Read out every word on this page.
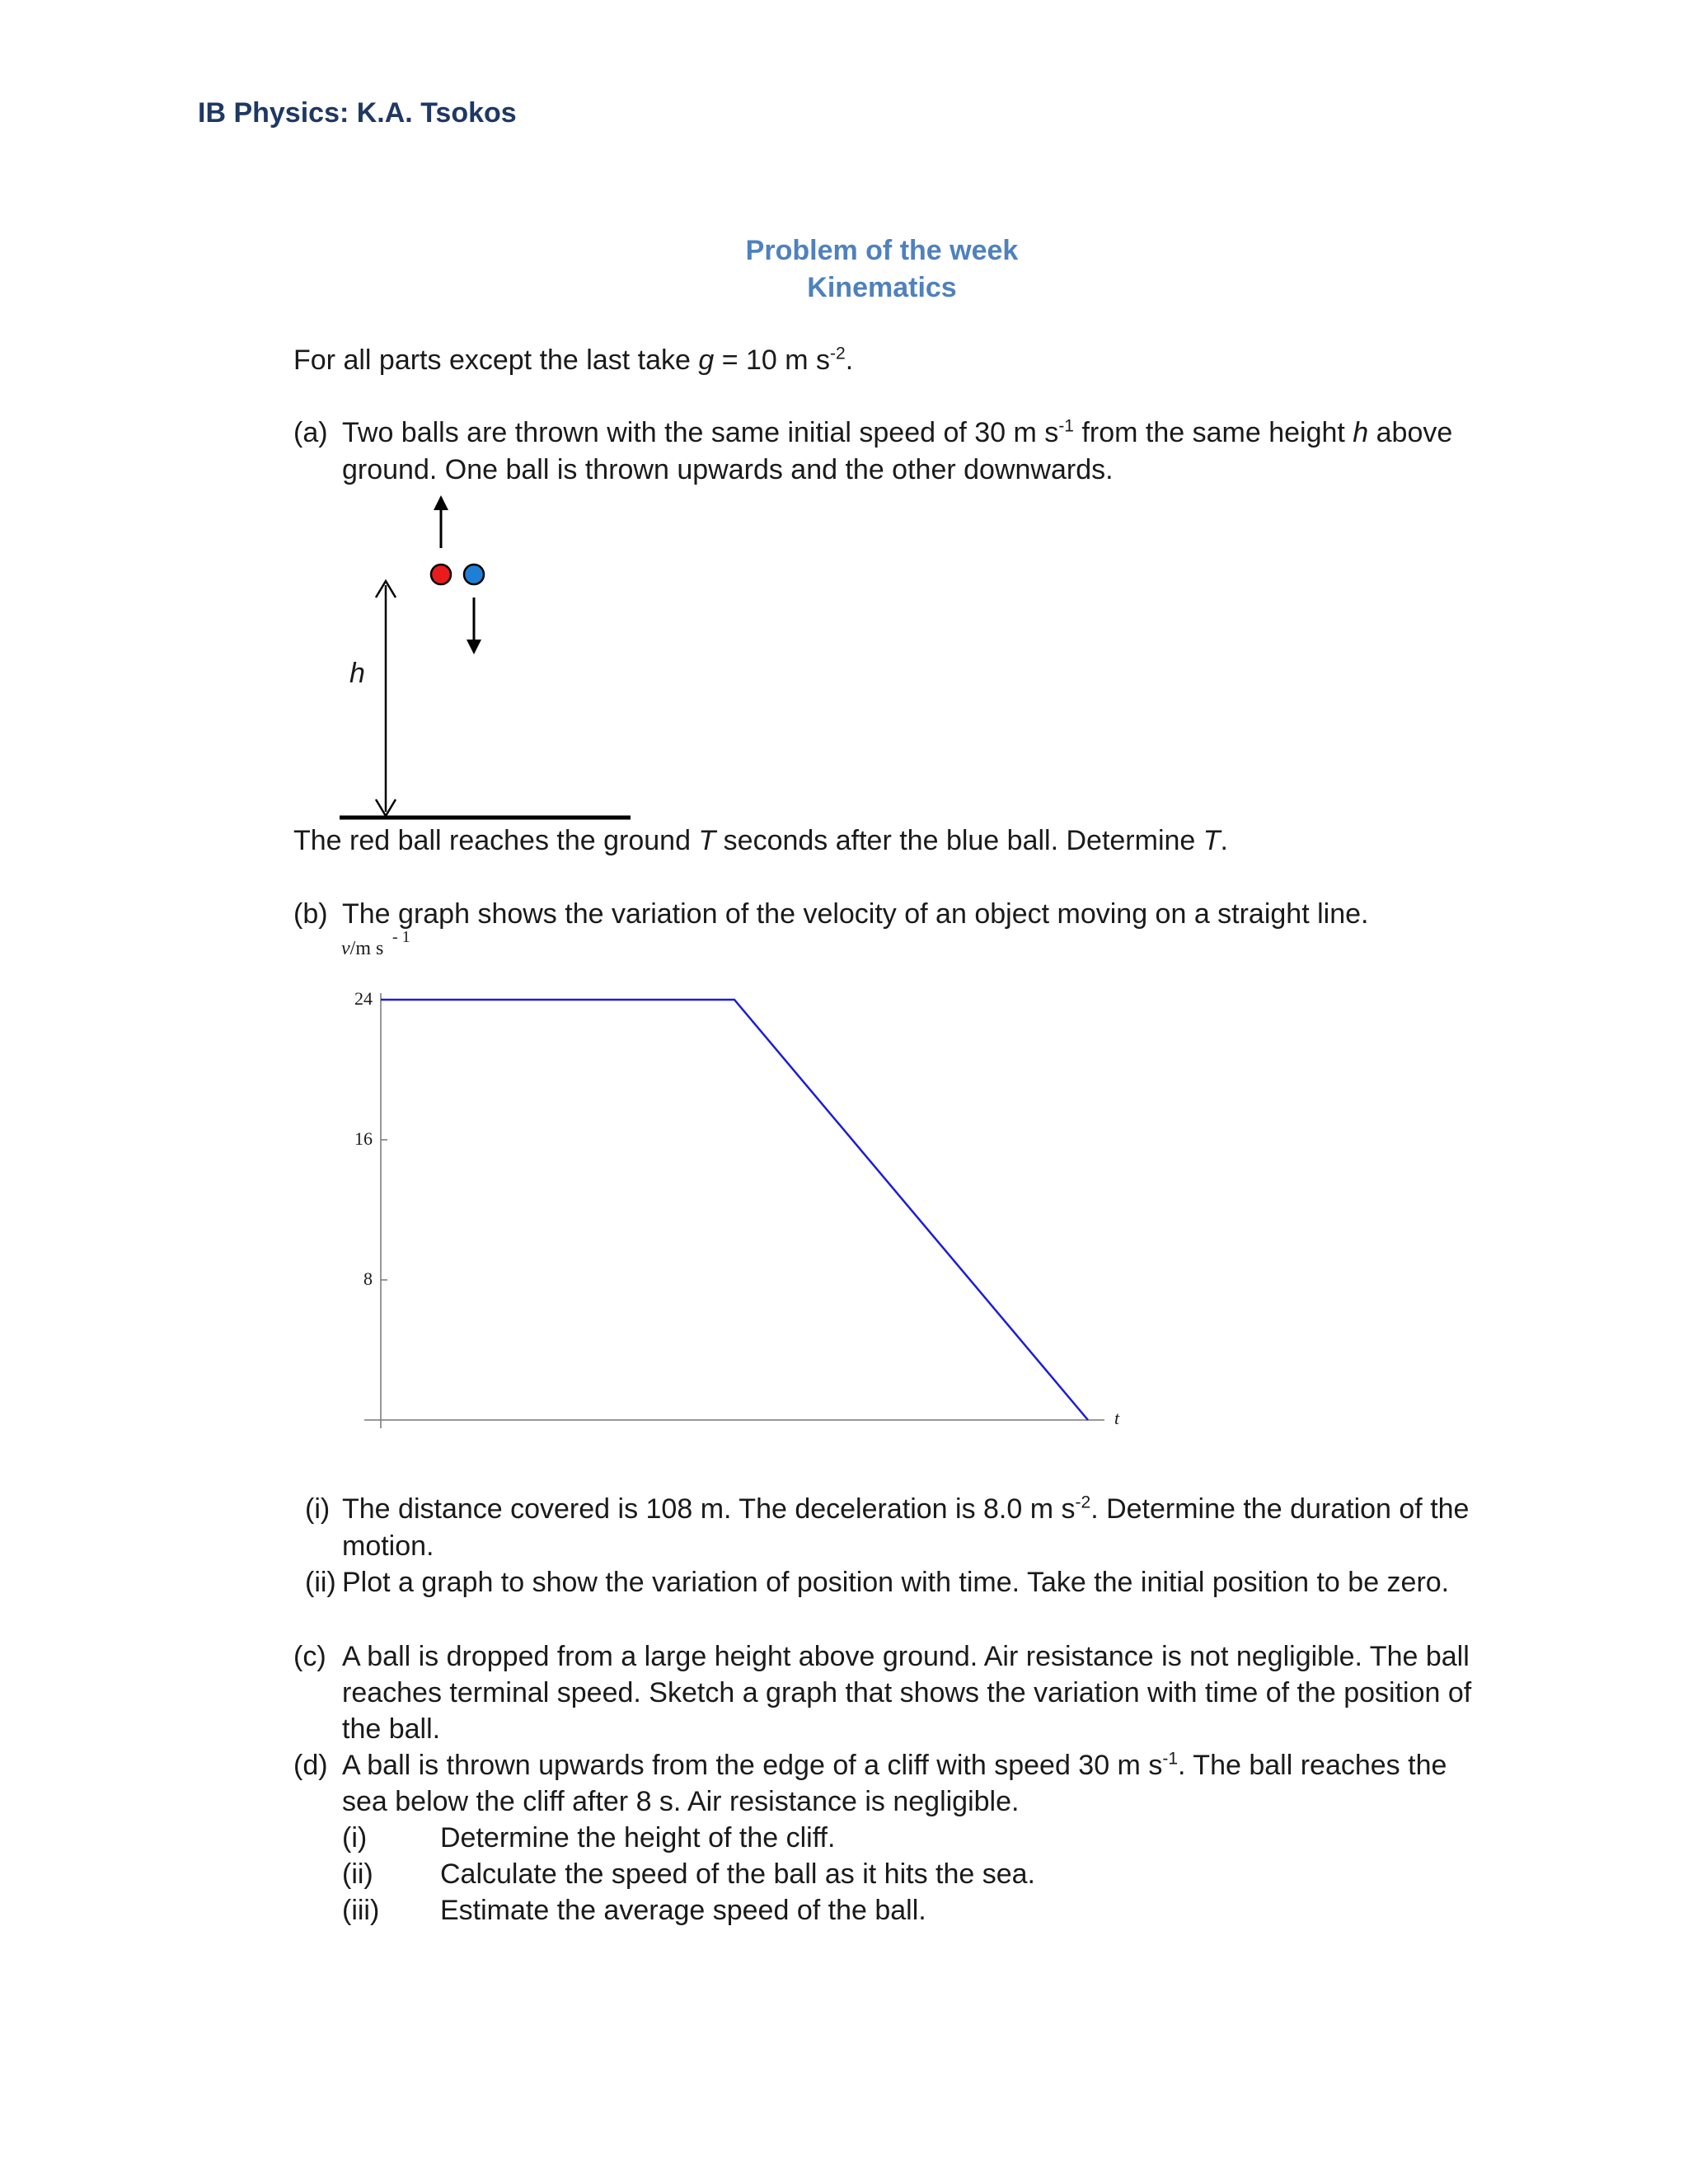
IB Physics: K.A. Tsokos
Problem of the week
Kinematics
For all parts except the last take g = 10 m $s^{-2}$.
(a) Two balls are thrown with the same initial speed of 30 m $s^{-1}$ from the same height h above
ground. One ball is thrown upwards and the other downwards.
h
The red ball reaches the ground T seconds after the blue ball. Determine T.
(b) The graph shows the variation of the velocity of an object moving on a straight line.
v/m s
- 1
t
8
16
24
(i) The distance covered is 108 m. The deceleration is 8.0 m $s^{-2}$. Determine the duration of the
motion.
(ii) Plot a graph to show the variation of position with time. Take the initial position to be zero.
(c) A ball is dropped from a large height above ground. Air resistance is not negligible. The ball
reaches terminal speed. Sketch a graph that shows the variation with time of the position of
the ball.
(d) A ball is thrown upwards from the edge of a cliff with speed 30 m $s^{-1}$. The ball reaches the
sea below the cliff after 8 s. Air resistance is negligible.
(i)	Determine the height of the cliff.
(ii) Calculate the speed of the ball as it hits the sea.
(iii) Estimate the average speed of the ball.
